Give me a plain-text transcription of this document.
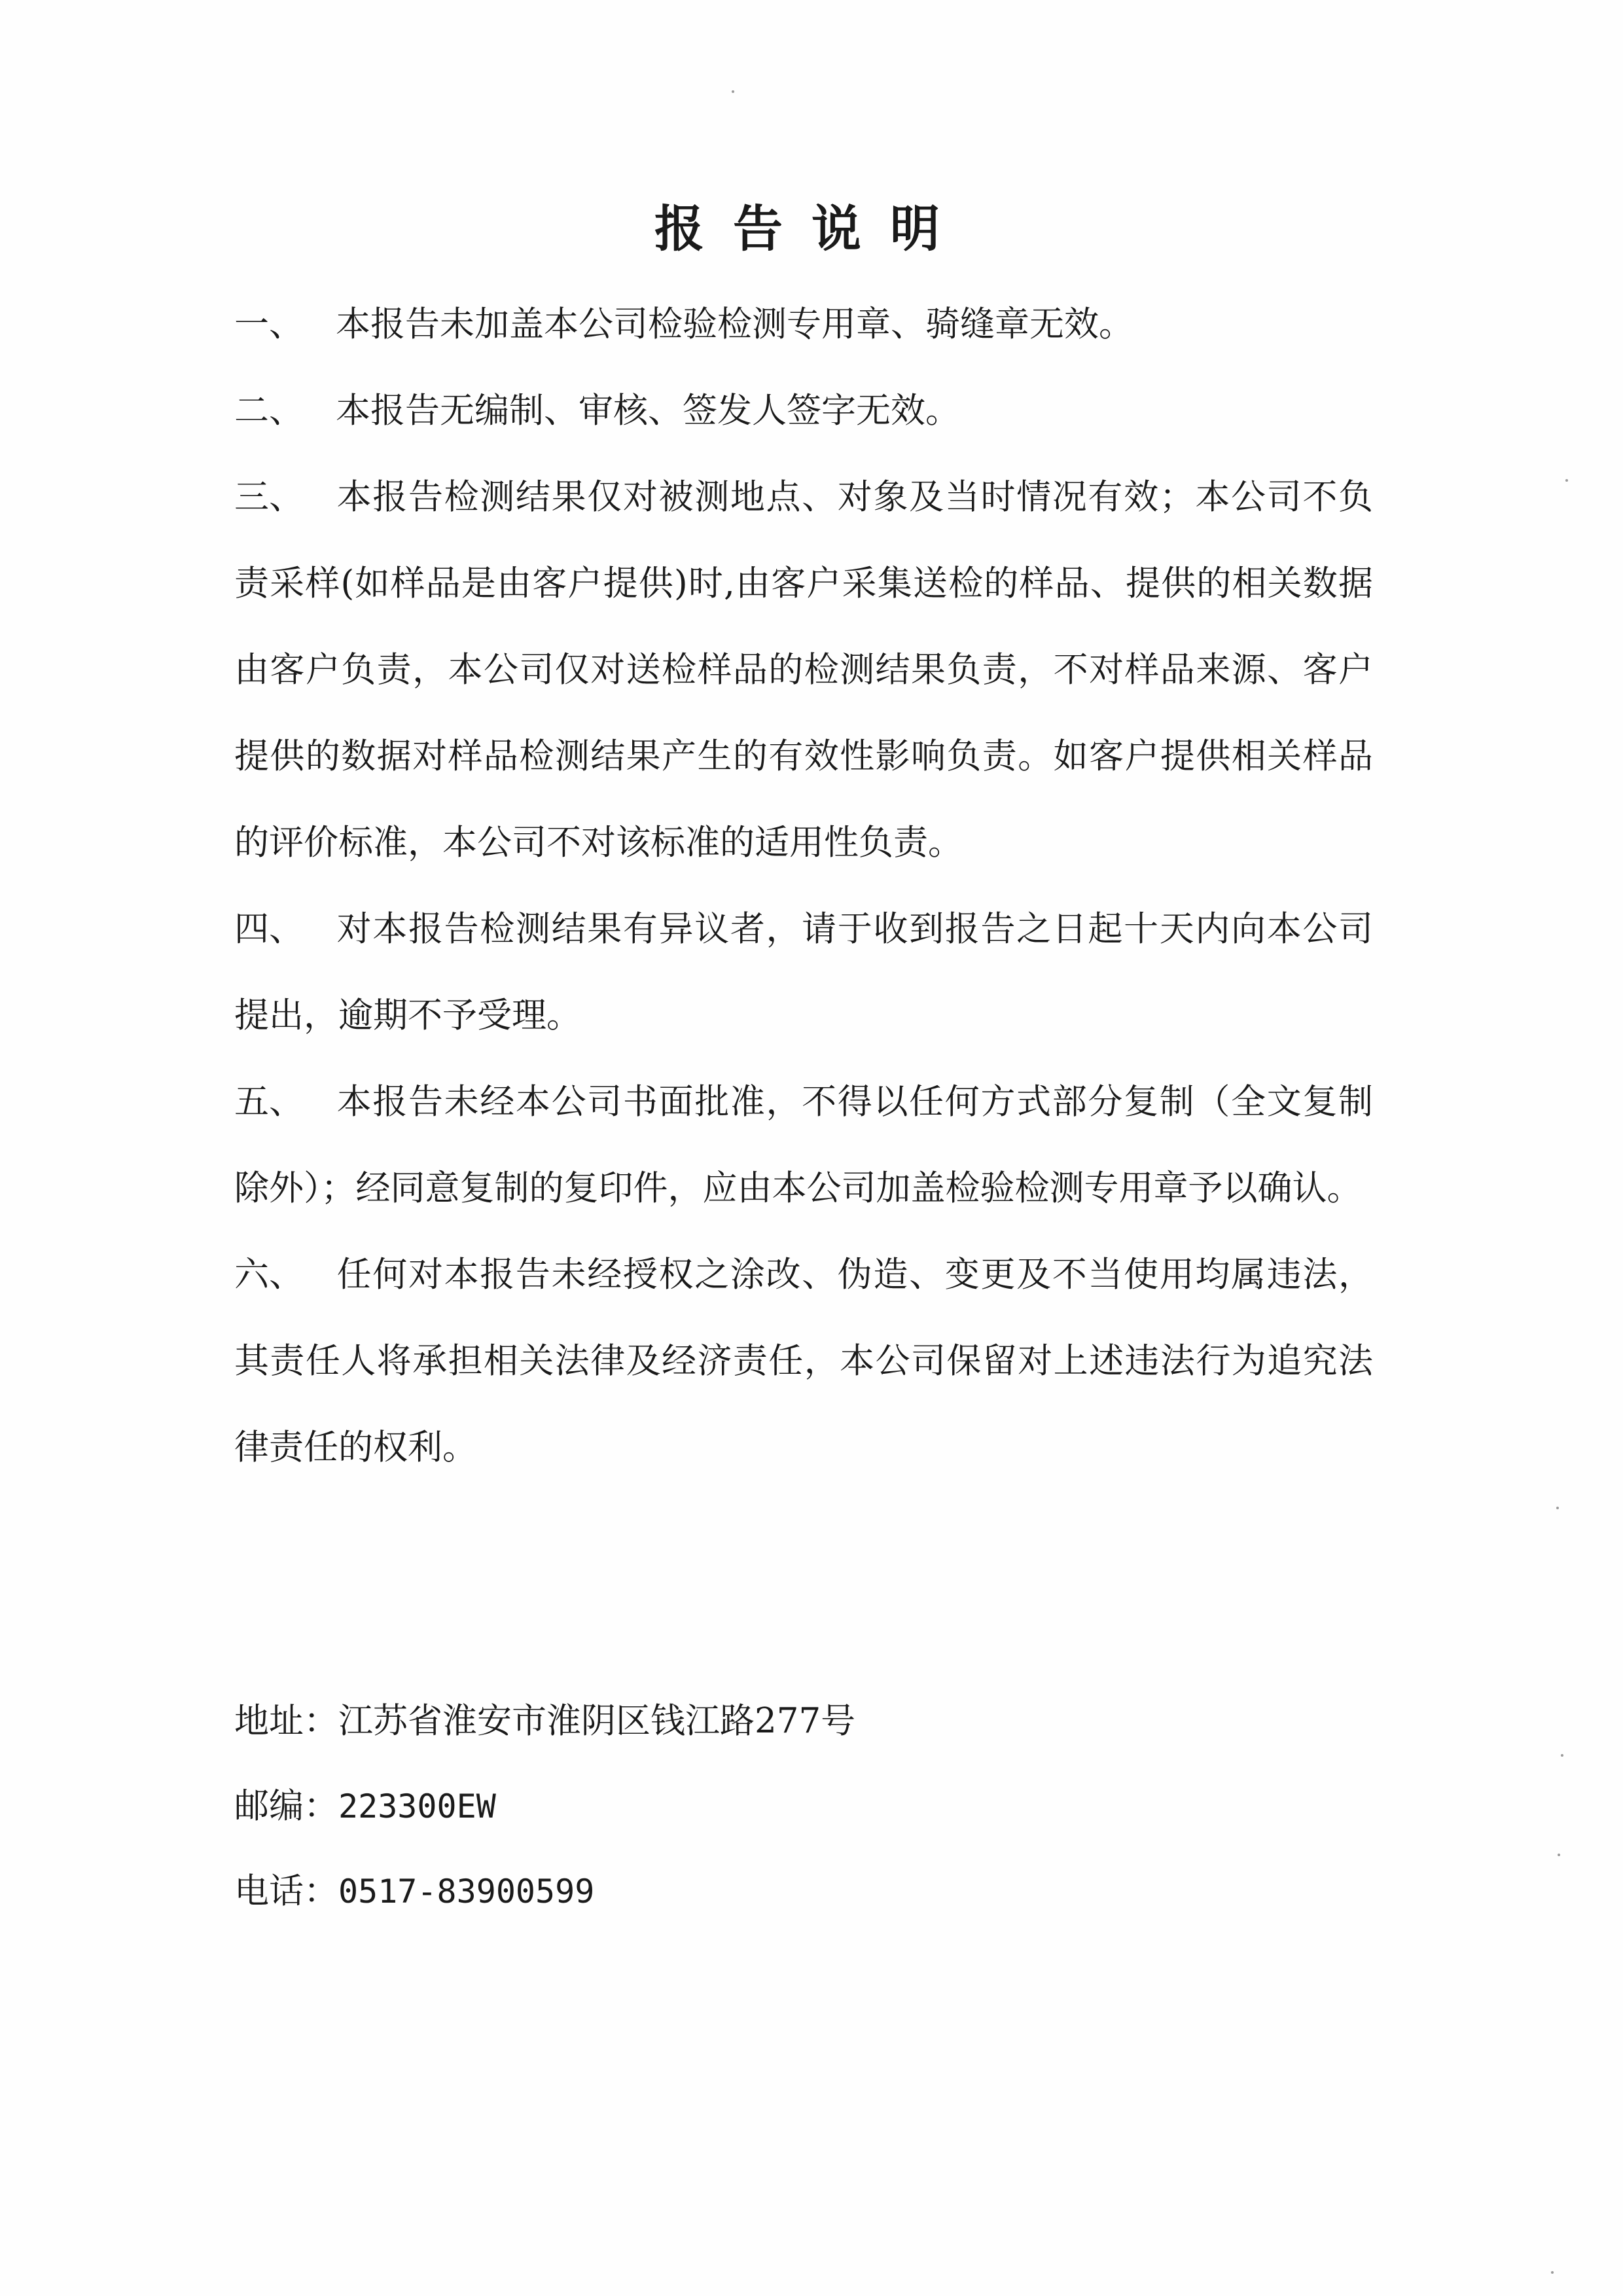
报告说明

一、 本报告未加盖本公司检验检测专用章、骑缝章无效。

二、 本报告无编制、审核、签发人签字无效。

三、 本报告检测结果仅对被测地点、对象及当时情况有效；本公司不负责采样(如样品是由客户提供)时,由客户采集送检的样品、提供的相关数据由客户负责，本公司仅对送检样品的检测结果负责，不对样品来源、客户提供的数据对样品检测结果产生的有效性影响负责。如客户提供相关样品的评价标准，本公司不对该标准的适用性负责。

四、 对本报告检测结果有异议者，请于收到报告之日起十天内向本公司提出，逾期不予受理。

五、 本报告未经本公司书面批准，不得以任何方式部分复制（全文复制除外）；经同意复制的复印件，应由本公司加盖检验检测专用章予以确认。

六、 任何对本报告未经授权之涂改、伪造、变更及不当使用均属违法，其责任人将承担相关法律及经济责任，本公司保留对上述违法行为追究法律责任的权利。

地址：江苏省淮安市淮阴区钱江路277号
邮编：223300EW
电话：0517-83900599
